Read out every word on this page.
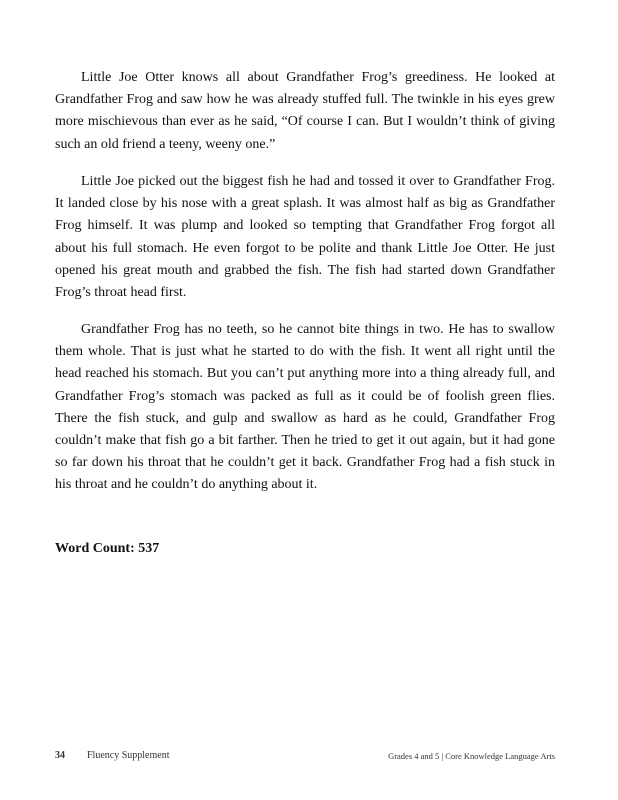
Little Joe Otter knows all about Grandfather Frog’s greediness. He looked at Grandfather Frog and saw how he was already stuffed full. The twinkle in his eyes grew more mischievous than ever as he said, “Of course I can. But I wouldn’t think of giving such an old friend a teeny, weeny one.”

Little Joe picked out the biggest fish he had and tossed it over to Grandfather Frog. It landed close by his nose with a great splash. It was almost half as big as Grandfather Frog himself. It was plump and looked so tempting that Grandfather Frog forgot all about his full stomach. He even forgot to be polite and thank Little Joe Otter. He just opened his great mouth and grabbed the fish. The fish had started down Grandfather Frog’s throat head first.

Grandfather Frog has no teeth, so he cannot bite things in two. He has to swallow them whole. That is just what he started to do with the fish. It went all right until the head reached his stomach. But you can’t put anything more into a thing already full, and Grandfather Frog’s stomach was packed as full as it could be of foolish green flies. There the fish stuck, and gulp and swallow as hard as he could, Grandfather Frog couldn’t make that fish go a bit farther. Then he tried to get it out again, but it had gone so far down his throat that he couldn’t get it back. Grandfather Frog had a fish stuck in his throat and he couldn’t do anything about it.

Word Count: 537
34 Fluency Supplement	Grades 4 and 5 | Core Knowledge Language Arts
